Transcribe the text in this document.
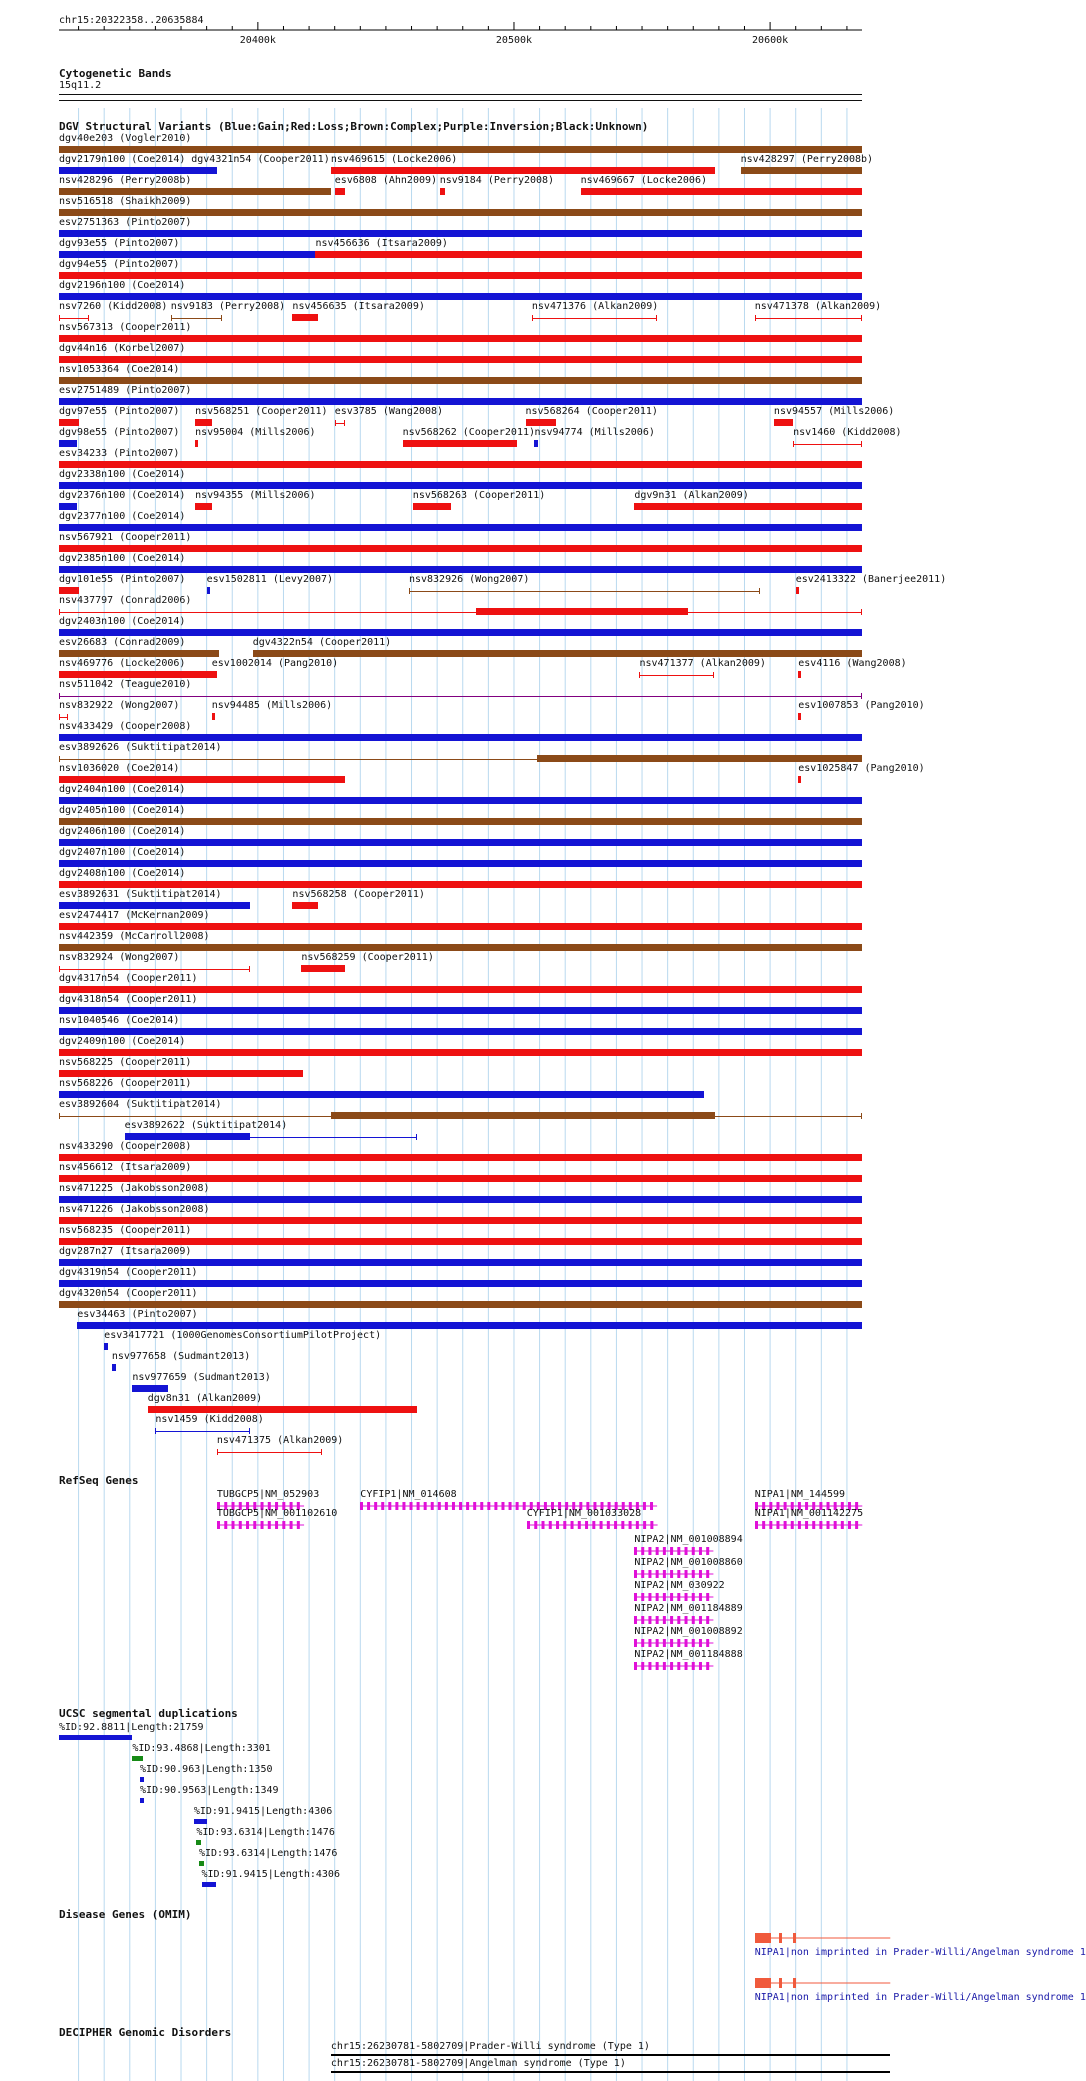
chr15:20322358..20635884
20400k	20500k	20600k
Cytogenetic Bands
15q11.2
DGV Structural Variants (Blue:Gain;Red:Loss;Brown:Complex;Purple:Inversion;Black:Unknown)
dgv40e203 (Vogler2010)
dgv2179n100 (Coe2014) dgv4321n54 (Cooper2011) nsv469615 (Locke2006)	nsv428297 (Perry2008b)
nsv428296 (Perry2008b)	esv6808 (Ahn2009) nsv9184 (Perry2008)	nsv469667 (Locke2006)
nsv516518 (Shaikh2009)
esv2751363 (Pinto2007)
dgv93e55 (Pinto2007)	nsv456636 (Itsara2009)
dgv94e55 (Pinto2007)
dgv2196n100 (Coe2014)
nsv7260 (Kidd2008) nsv9183 (Perry2008) nsv456635 (Itsara2009)	nsv471376 (Alkan2009)	nsv471378 (Alkan2009)
nsv567313 (Cooper2011)
dgv44n16 (Korbel2007)
nsv1053364 (Coe2014)
esv2751489 (Pinto2007)
dgv97e55 (Pinto2007) nsv568251 (Cooper2011) esv3785 (Wang2008)	nsv568264 (Cooper2011)	nsv94557 (Mills2006)
dgv98e55 (Pinto2007) nsv95004 (Mills2006)	nsv568262 (Cooper2011) nsv94774 (Mills2006)	nsv1460 (Kidd2008)
esv34233 (Pinto2007)
dgv2338n100 (Coe2014)
dgv2376n100 (Coe2014) nsv94355 (Mills2006)	nsv568263 (Cooper2011)	dgv9n31 (Alkan2009)
dgv2377n100 (Coe2014)
nsv567921 (Cooper2011)
dgv2385n100 (Coe2014)
dgv101e55 (Pinto2007) esv1502811 (Levy2007)	nsv832926 (Wong2007)	esv2413322 (Banerjee2011)
nsv437797 (Conrad2006)
dgv2403n100 (Coe2014)
esv26683 (Conrad2009)	dgv4322n54 (Cooper2011)
nsv469776 (Locke2006)	esv1002014 (Pang2010)	nsv471377 (Alkan2009)	esv4116 (Wang2008)
nsv511042 (Teague2010)
nsv832922 (Wong2007)	nsv94485 (Mills2006)	esv1007853 (Pang2010)
nsv433429 (Cooper2008)
esv3892626 (Suktitipat2014)
nsv1036020 (Coe2014)	esv1025847 (Pang2010)
dgv2404n100 (Coe2014)
dgv2405n100 (Coe2014)
dgv2406n100 (Coe2014)
dgv2407n100 (Coe2014)
dgv2408n100 (Coe2014)
esv3892631 (Suktitipat2014)	nsv568258 (Cooper2011)
esv2474417 (McKernan2009)
nsv442359 (McCarroll2008)
nsv832924 (Wong2007)	nsv568259 (Cooper2011)
dgv4317n54 (Cooper2011)
dgv4318n54 (Cooper2011)
nsv1040546 (Coe2014)
dgv2409n100 (Coe2014)
nsv568225 (Cooper2011)
nsv568226 (Cooper2011)
esv3892604 (Suktitipat2014)
esv3892622 (Suktitipat2014)
nsv433290 (Cooper2008)
nsv456612 (Itsara2009)
nsv471225 (Jakobsson2008)
nsv471226 (Jakobsson2008)
nsv568235 (Cooper2011)
dgv287n27 (Itsara2009)
dgv4319n54 (Cooper2011)
dgv4320n54 (Cooper2011)
esv34463 (Pinto2007)
esv3417721 (1000GenomesConsortiumPilotProject)
nsv977658 (Sudmant2013)
nsv977659 (Sudmant2013)
dgv8n31 (Alkan2009)
nsv1459 (Kidd2008)
nsv471375 (Alkan2009)
RefSeq Genes
TUBGCP5|NM_052903
TUBGCP5|NM_001102610
CYFIP1|NM_014608
CYFIP1|NM_001033028
NIPA1|NM_144599
NIPA1|NM_001142275
NIPA2|NM_001008894
NIPA2|NM_001008860
NIPA2|NM_030922
NIPA2|NM_001184889
NIPA2|NM_001008892
NIPA2|NM_001184888
UCSC segmental duplications
%ID:92.8811|Length:21759
%ID:93.4868|Length:3301
%ID:90.963|Length:1350
%ID:90.9563|Length:1349
%ID:91.9415|Length:4306
%ID:93.6314|Length:1476
%ID:93.6314|Length:1476
%ID:91.9415|Length:4306
Disease Genes (OMIM)
NIPA1|non imprinted in Prader-Willi/Angelman syndrome 1
NIPA1|non imprinted in Prader-Willi/Angelman syndrome 1
DECIPHER Genomic Disorders
chr15:26230781-5802709|Prader-Willi syndrome (Type 1)
chr15:26230781-5802709|Angelman syndrome (Type 1)
